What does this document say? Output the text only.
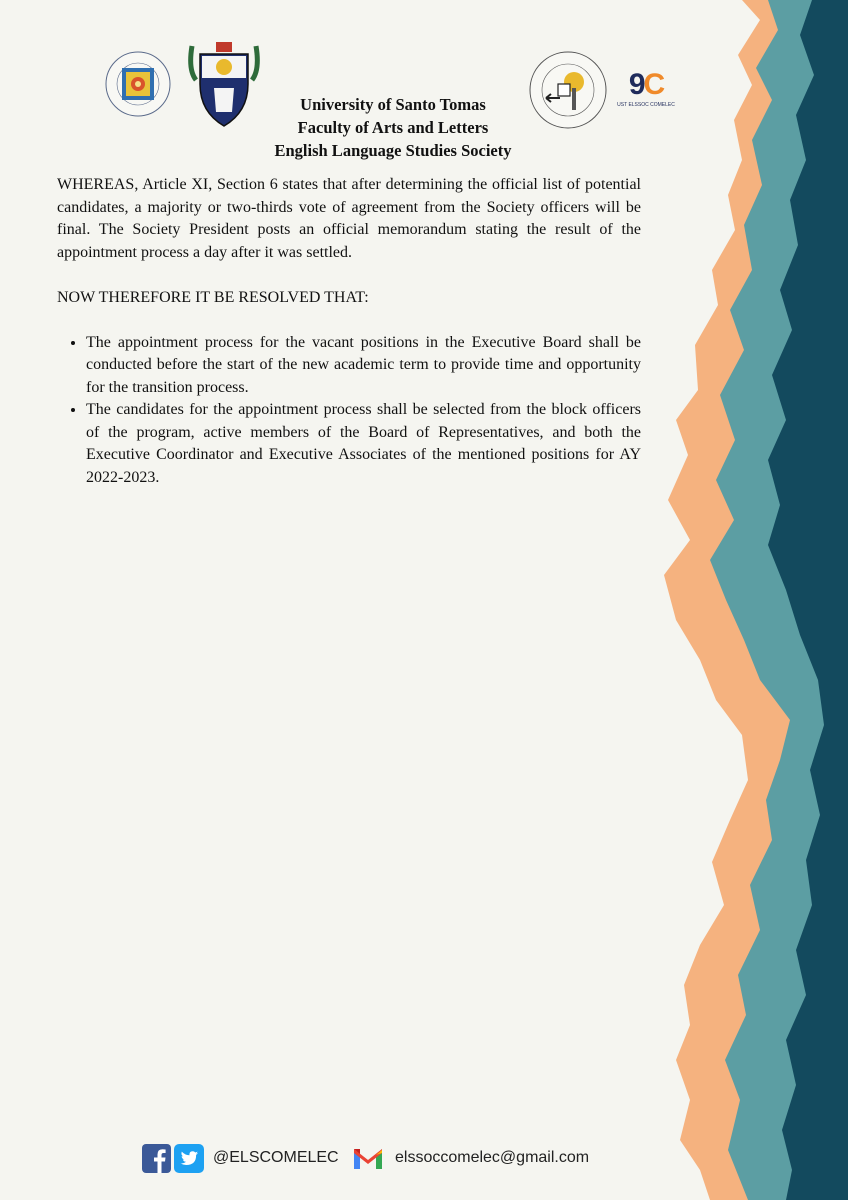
University of Santo Tomas
Faculty of Arts and Letters
English Language Studies Society
9C
UST ELSSOC COMELEC

WHEREAS, Article XI, Section 6 states that after determining the official list of potential candidates, a majority or two-thirds vote of agreement from the Society officers will be final. The Society President posts an official memorandum stating the result of the appointment process a day after it was settled.

NOW THEREFORE IT BE RESOLVED THAT:

• The appointment process for the vacant positions in the Executive Board shall be conducted before the start of the new academic term to provide time and opportunity for the transition process.
• The candidates for the appointment process shall be selected from the block officers of the program, active members of the Board of Representatives, and both the Executive Coordinator and Executive Associates of the mentioned positions for AY 2022-2023.
@ELSCOMELEC	elssoccomelec@gmail.com
